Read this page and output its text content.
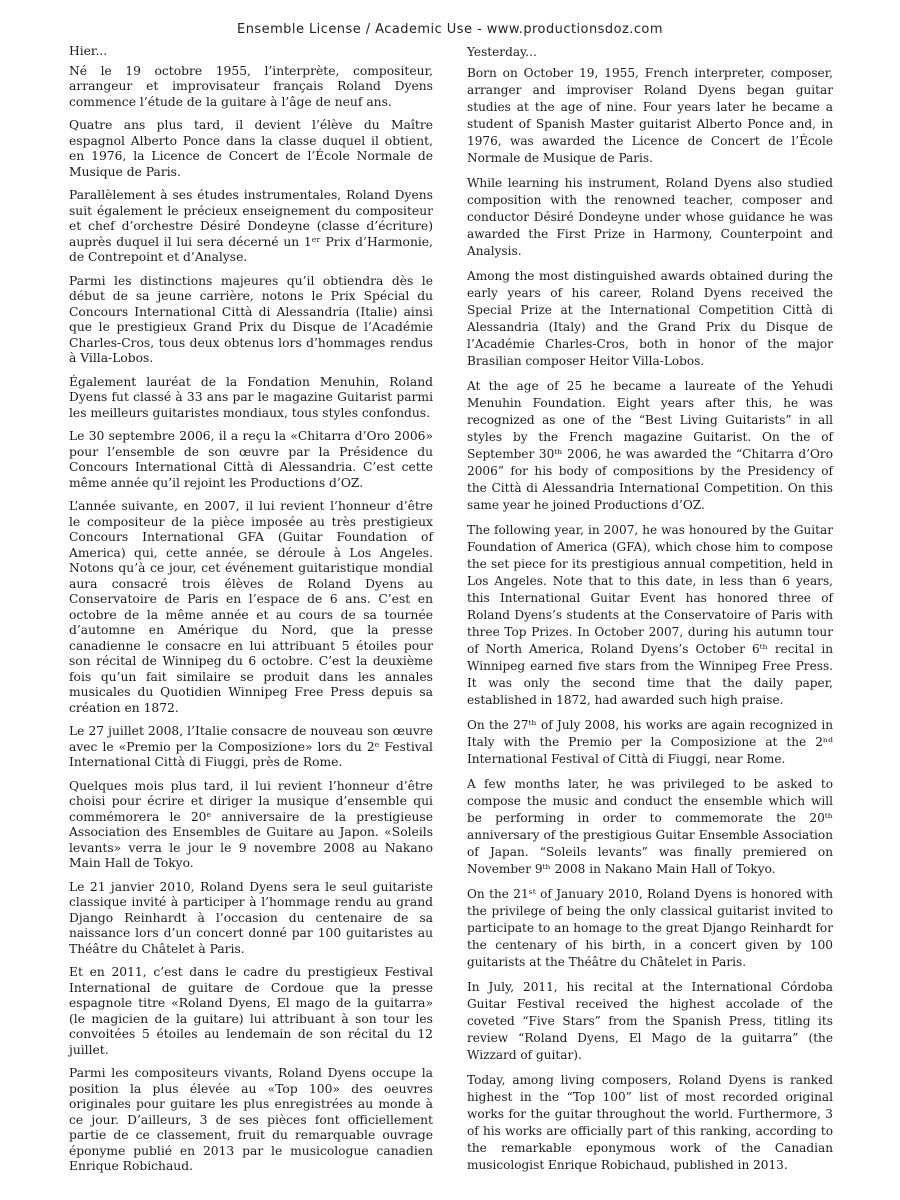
Ensemble License / Academic Use - www.productionsdoz.com

Hier...

Né le 19 octobre 1955, l’interprète, compositeur, arrangeur et improvisateur français Roland Dyens commence l’étude de la guitare à l’âge de neuf ans.

Quatre ans plus tard, il devient l’élève du Maître espagnol Alberto Ponce dans la classe duquel il obtient, en 1976, la Licence de Concert de l’École Normale de Musique de Paris.

Parallèlement à ses études instrumentales, Roland Dyens suit également le précieux enseignement du compositeur et chef d’orchestre Désiré Dondeyne (classe d’écriture) auprès duquel il lui sera décerné un 1ᵉʳ Prix d’Harmonie, de Contrepoint et d’Analyse.

Parmi les distinctions majeures qu’il obtiendra dès le début de sa jeune carrière, notons le Prix Spécial du Concours International Città di Alessandria (Italie) ainsi que le prestigieux Grand Prix du Disque de l’Académie Charles-Cros, tous deux obtenus lors d’hommages rendus à Villa-Lobos.

Également lauréat de la Fondation Menuhin, Roland Dyens fut classé à 33 ans par le magazine Guitarist parmi les meilleurs guitaristes mondiaux, tous styles confondus.

Le 30 septembre 2006, il a reçu la «Chitarra d’Oro 2006» pour l’ensemble de son œuvre par la Présidence du Concours International Città di Alessandria. C’est cette même année qu’il rejoint les Productions d’OZ.

L’année suivante, en 2007, il lui revient l’honneur d’être le compositeur de la pièce imposée au très prestigieux Concours International GFA (Guitar Foundation of America) qui, cette année, se déroule à Los Angeles. Notons qu’à ce jour, cet événement guitaristique mondial aura consacré trois élèves de Roland Dyens au Conservatoire de Paris en l’espace de 6 ans. C’est en octobre de la même année et au cours de sa tournée d’automne en Amérique du Nord, que la presse canadienne le consacre en lui attribuant 5 étoiles pour son récital de Winnipeg du 6 octobre. C’est la deuxième fois qu’un fait similaire se produit dans les annales musicales du Quotidien Winnipeg Free Press depuis sa création en 1872.

Le 27 juillet 2008, l’Italie consacre de nouveau son œuvre avec le «Premio per la Composizione» lors du 2ᵉ Festival International Città di Fiuggi, près de Rome.

Quelques mois plus tard, il lui revient l’honneur d’être choisi pour écrire et diriger la musique d’ensemble qui commémorera le 20ᵉ anniversaire de la prestigieuse Association des Ensembles de Guitare au Japon. «Soleils levants» verra le jour le 9 novembre 2008 au Nakano Main Hall de Tokyo.

Le 21 janvier 2010, Roland Dyens sera le seul guitariste classique invité à participer à l’hommage rendu au grand Django Reinhardt à l’occasion du centenaire de sa naissance lors d’un concert donné par 100 guitaristes au Théâtre du Châtelet à Paris.

Et en 2011, c’est dans le cadre du prestigieux Festival International de guitare de Cordoue que la presse espagnole titre «Roland Dyens, El mago de la guitarra» (le magicien de la guitare) lui attribuant à son tour les convoitées 5 étoiles au lendemain de son récital du 12 juillet.

Parmi les compositeurs vivants, Roland Dyens occupe la position la plus élevée au «Top 100» des oeuvres originales pour guitare les plus enregistrées au monde à ce jour. D’ailleurs, 3 de ses pièces font officiellement partie de ce classement, fruit du remarquable ouvrage éponyme publié en 2013 par le musicologue canadien Enrique Robichaud.

Yesterday...

Born on October 19, 1955, French interpreter, composer, arranger and improviser Roland Dyens began guitar studies at the age of nine. Four years later he became a student of Spanish Master guitarist Alberto Ponce and, in 1976, was awarded the Licence de Concert de l’École Normale de Musique de Paris.

While learning his instrument, Roland Dyens also studied composition with the renowned teacher, composer and conductor Désiré Dondeyne under whose guidance he was awarded the First Prize in Harmony, Counterpoint and Analysis.

Among the most distinguished awards obtained during the early years of his career, Roland Dyens received the Special Prize at the International Competition Città di Alessandria (Italy) and the Grand Prix du Disque de l’Académie Charles-Cros, both in honor of the major Brasilian composer Heitor Villa-Lobos.

At the age of 25 he became a laureate of the Yehudi Menuhin Foundation. Eight years after this, he was recognized as one of the “Best Living Guitarists” in all styles by the French magazine Guitarist. On the of September 30ᵗʰ 2006, he was awarded the “Chitarra d’Oro 2006” for his body of compositions by the Presidency of the Città di Alessandria International Competition. On this same year he joined Productions d’OZ.

The following year, in 2007, he was honoured by the Guitar Foundation of America (GFA), which chose him to compose the set piece for its prestigious annual competition, held in Los Angeles. Note that to this date, in less than 6 years, this International Guitar Event has honored three of Roland Dyens’s students at the Conservatoire of Paris with three Top Prizes. In October 2007, during his autumn tour of North America, Roland Dyens’s October 6ᵗʰ recital in Winnipeg earned five stars from the Winnipeg Free Press. It was only the second time that the daily paper, established in 1872, had awarded such high praise.

On the 27ᵗʰ of July 2008, his works are again recognized in Italy with the Premio per la Composizione at the 2ⁿᵈ International Festival of Città di Fiuggi, near Rome.

A few months later, he was privileged to be asked to compose the music and conduct the ensemble which will be performing in order to commemorate the 20ᵗʰ anniversary of the prestigious Guitar Ensemble Association of Japan. “Soleils levants” was finally premiered on November 9ᵗʰ 2008 in Nakano Main Hall of Tokyo.

On the 21ˢᵗ of January 2010, Roland Dyens is honored with the privilege of being the only classical guitarist invited to participate to an homage to the great Django Reinhardt for the centenary of his birth, in a concert given by 100 guitarists at the Théâtre du Châtelet in Paris.

In July, 2011, his recital at the International Córdoba Guitar Festival received the highest accolade of the coveted “Five Stars” from the Spanish Press, titling its review “Roland Dyens, El Mago de la guitarra” (the Wizzard of guitar).

Today, among living composers, Roland Dyens is ranked highest in the “Top 100” list of most recorded original works for the guitar throughout the world. Furthermore, 3 of his works are officially part of this ranking, according to the remarkable eponymous work of the Canadian musicologist Enrique Robichaud, published in 2013.
